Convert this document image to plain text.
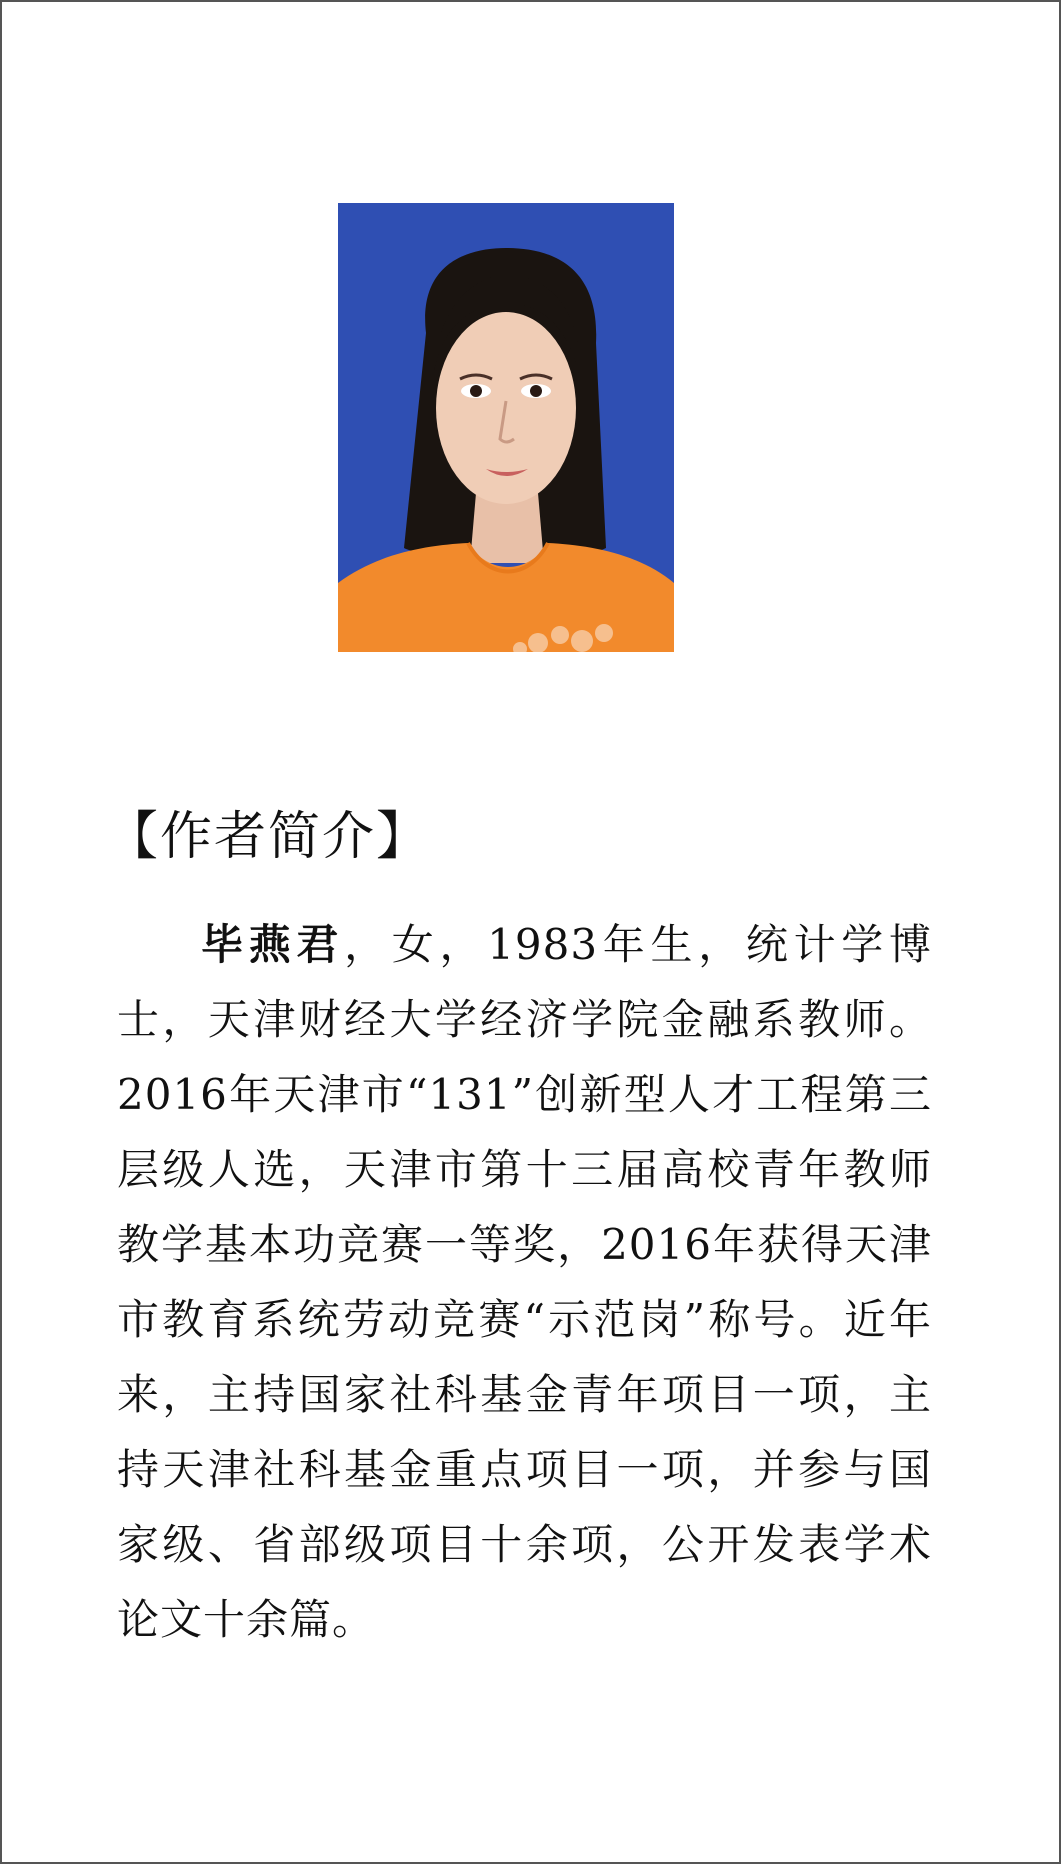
【作者简介】

毕燕君，女，1983年生，统计学博士，天津财经大学经济学院金融系教师。2016年天津市“131”创新型人才工程第三层级人选，天津市第十三届高校青年教师教学基本功竞赛一等奖，2016年获得天津市教育系统劳动竞赛“示范岗”称号。近年来，主持国家社科基金青年项目一项，主持天津社科基金重点项目一项，并参与国家级、省部级项目十余项，公开发表学术论文十余篇。
